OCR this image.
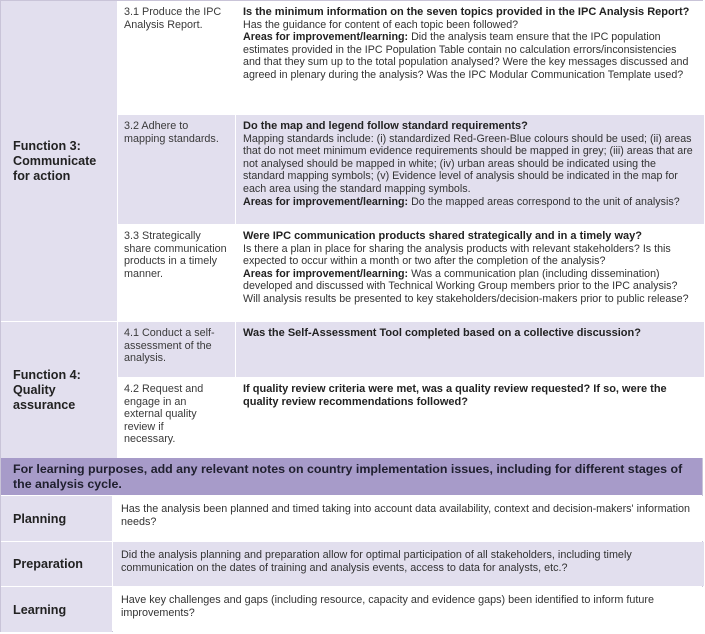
Function 3: Communicate for action
3.1 Produce the IPC Analysis Report.
Is the minimum information on the seven topics provided in the IPC Analysis Report?
Has the guidance for content of each topic been followed?
Areas for improvement/learning: Did the analysis team ensure that the IPC population estimates provided in the IPC Population Table contain no calculation errors/inconsistencies and that they sum up to the total population analysed? Were the key messages discussed and agreed in plenary during the analysis? Was the IPC Modular Communication Template used?
3.2 Adhere to mapping standards.
Do the map and legend follow standard requirements?
Mapping standards include: (i) standardized Red-Green-Blue colours should be used; (ii) areas that do not meet minimum evidence requirements should be mapped in grey; (iii) areas that are not analysed should be mapped in white; (iv) urban areas should be indicated using the standard mapping symbols; (v) Evidence level of analysis should be indicated in the map for each area using the standard mapping symbols.
Areas for improvement/learning: Do the mapped areas correspond to the unit of analysis?
3.3 Strategically share communication products in a timely manner.
Were IPC communication products shared strategically and in a timely way?
Is there a plan in place for sharing the analysis products with relevant stakeholders? Is this expected to occur within a month or two after the completion of the analysis?
Areas for improvement/learning: Was a communication plan (including dissemination) developed and discussed with Technical Working Group members prior to the IPC analysis? Will analysis results be presented to key stakeholders/decision-makers prior to public release?
Function 4: Quality assurance
4.1 Conduct a self-assessment of the analysis.
Was the Self-Assessment Tool completed based on a collective discussion?
4.2 Request and engage in an external quality review if necessary.
If quality review criteria were met, was a quality review requested? If so, were the quality review recommendations followed?
For learning purposes, add any relevant notes on country implementation issues, including for different stages of the analysis cycle.
Planning
Has the analysis been planned and timed taking into account data availability, context and decision-makers' information needs?
Preparation
Did the analysis planning and preparation allow for optimal participation of all stakeholders, including timely communication on the dates of training and analysis events, access to data for analysts, etc.?
Learning
Have key challenges and gaps (including resource, capacity and evidence gaps) been identified to inform future improvements?
